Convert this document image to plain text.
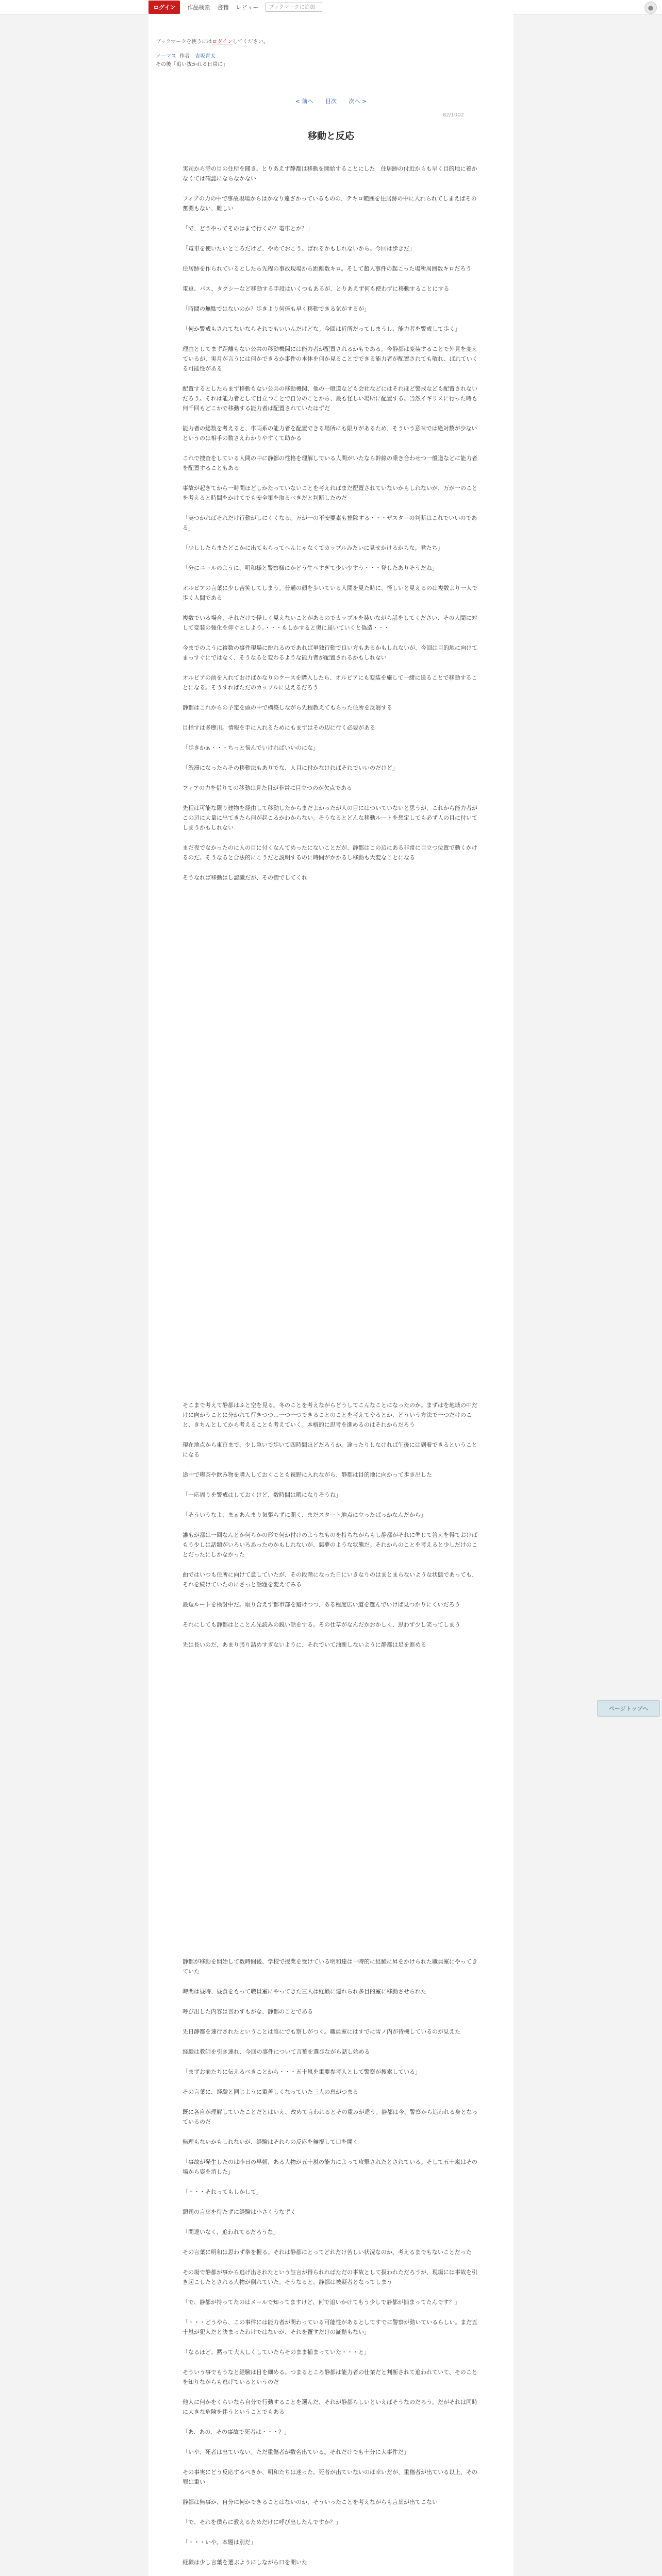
ログイン	作品検索 書籍 レビュー	ブックマークに追加	●
ブックマークを使うにはログインしてください。
ノーマス 作者：吉坂青太
その後「追い抜かれる日常に」
< 前へ 目次 次へ >
82/1002
移動と反応

実司から寺の目の住所を聞き、とりあえず静都は移動を開始することにした　住居跡の付近からも早く目的地に着かなくては確認にならなかない

フィアの力の中で事故現場からはかなり遠ざかっているものの、テキロ範囲を住居跡の中に入れられてしまえばその奮闘もない、難しい

「で、どうやってそのはまで行くの？電車とか？」

「電車を使いたいところだけど、やめておこう。ばれるかもしれないから。今回は歩きだ」

住居跡を作られているとしたら先程の事故現場から距離数キロ。そして超人事件の起こった場所周囲数キロだろう

電車、バス、タクシーなど移動する手段はいくつもあるが、とりあえず何も使わずに移動することにする

「時間の無駄ではないのか？歩きより何倍も早く移動できる気がするが」

「何か警戒もされてないならそれでもいいんだけどな。今回は近所だってしまうし、能力者を警戒して歩く」

理由としてまず距離もない公共の移動機関には能力者が配置されるかもである。今静都は変装することで外見を変えているが、実月が言うには何かできるか事件の本体を何か見ることでできる能力者が配置されても敏れ、ばれていくる可能性がある

配置するとしたらまず移動もない公共の移動機関、他の一般道なども会社などにはそれほど警戒なども配置されないだろう。それは能力者として目立つことで自分のことから、最も怪しい場所に配置する。当然イギリスに行った時も何千回もどこかで移動する能力者は配置されていたはずだ

能力者の総数を考えると、車両系の能力者を配置できる場所にも限りがあるため、そういう意味では絶対数が少ないというのは相手の数さえわかりやすくて助かる

これで捜査をしている人間の中に静都の性格を理解している人間がいたなら幹線の乗き合わせつ一般道などに能力者を配置することもある

事故が起きてから一時間ほどしかたっていないことを考えればまだ配置されていないかもしれないが、万が一のことを考えると時間をかけてでも安全策を取るべきだと判断したのだ

「実つかればそれだけ行動がしにくくなる。万が一の不安要素も排除する・・・ザスターの判断はこれでいいのである」

「少ししたらまたどこかに出てもらってへんじゃなくてカップルみたいに見せかけるからな。君たち」

「分にニールのように、明和様と警察様にかどう生へすぎて少い少すう・・・登したありそうだね」

オルビアの言葉に少し苦笑してしまう。普通の顔を歩いている人間を見た時に、怪しいと見えるのは複数より一人で歩く人間である

複数でいる場合、それだけで怪しく見えないことがあるのでカップルを装いながら話をしてください、その人間に対して変装の強化を仰ぐとしよう。・・・もしかすると奥に届いていくと偽造・・・

今までのように複数の事件現場に紛れるのであれば単独行動で良い方もあるかもしれないが、今回は目的地に向けてまっすぐにではなく、そうなると変わるような能力者が配置されるかもしれない

オルビアの前を入れておけばかなりのケースを購入したら、オルビアにも変装を施して一緒に送ることで移動することになる。そうすればただのカップルに見えるだろう

静都はこれからの予定を頭の中で構築しながら先程教えてもらった住所を反芻する

目指すは多摩川。情報を手に入れるためにもまずはその辺に行く必要がある

「歩きかぁ・・・ちっと悩んでいければいいのにな」

「渋滞になったらその移動法もありでな、人目に付かなければそれでいいのだけど」

フィアの力を借りての移動は見た目が非常に目立つのが欠点である

先程は可能な限り建物を経由して移動したからまだよかったが人の目にはついていないと思うが、これから能力者がこの辺に大量に出てきたら何が起こるかわからない。そうなるとどんな移動ルートを想定しても必ず人の目に付いてしまうかもしれない

まだ夜でなかったのに人の目に付くなんてめったにないことだが、静都はこの辺にある非常に目立つ位置で動くかけるのだ。そうなると合法的にこうだと説明するのに時間がかかるし移動も大変なことになる

そうなれば移動はし認識だが、その街でしてくれ

そこまで考えて静都はふと空を見る。冬のことを考えながらどうしてこんなことになったのか。まずはを地域の中だけに向かうことに分かれて行きつつ…一つ一つできることのことを考えてやるとか、どういう方法で一つだけのこと、きちんとしてから考えることも考えていく。本格的に思考を進めるのはそれからだろう

現在地点から東京まで、少し急いで歩いて四時間ほどだろうか。途ったりしなければ午後には到着できるということになる

途中で喫茶や飲み物を購入しておくことも視野に入れながら、静都は目的地に向かって歩き出した

「一応周りを警戒はしておくけど、数時間は暇になりそうね」

「そういうなよ、まぁあんまり気張らずに聞く、まだスタート地点に立ったばっかなんだから」

誰もが都は一回なんとか何らかの形で何か付けのようなものを持ちながらもし静都がそれに準じて答えを得ておけばもう少しは話題がいろいろあったのかもしれないが、悪夢のような状態だ。それからのことを考えると少しだけのことだったにしかなかった

曲ではいつも住所に向けて意していたが、その段階になった日にいきなりのはまとまらないような状態であっても、それを続けていたのにさっと話題を変えてみる

最短ルートを検討中だ。取り合えず都市部を避けつつ、ある程度広い道を選んでいけば見つかりにくいだろう

それにしても静都はとことん先読みの鋭い話をする。その仕草がなんだかおかしく、思わず少し笑ってしまう

先は長いのだ、あまり張り詰めすぎないように、それでいて油断しないように静都は足を進める

静都が移動を開始して数時間後、学校で授業を受けている明和達は一時的に経験に昇をかけられた職員室にやってきていた

時間は昼時、昼食をもって職員室にやってきた三人は経験に連れられ多目的室に移動させられた

呼び出した内容は言わずもがな、静都のことである

先日静都を連行されたということは誰にでも察しがつく。職員室にはすでに雪ノ内が待機しているのが見えた

経験は教師を引き連れ、今回の事件について言葉を選びながら話し始める

「まずお前たちに伝えるべきことから・・・五十嵐を重要参考人として警察が捜索している」

その言葉に、経験と同じように重苦しくなっていた三人の息がつまる

既に各自が理解していたことだとはいえ、改めて言われるとその重みが違う。静都は今、警察から追われる身となっているのだ

無理もないかもしれないが、経験はそれらの反応を無視して口を開く

「事故が発生したのは昨日の早朝、ある人物が五十嵐の能力によって攻撃されたとされている。そして五十嵐はその場から姿を消した」

「・・・それってもしかして」

頭司の言葉を待たずに経験は小さくうなずく

「間違いなく、追われてるだろうな」

その言葉に明和は思わず拳を握る。それは静都にとってどれだけ苦しい状況なのか、考えるまでもないことだった

その場で静都が事から逃げ出されたという証言が得られればただの事故として扱われただろうが、現場には事故を引き起こしたとされる人物が倒れていた。そうなると、静都は被疑者となってしまう

「で、静都が持ってたのはメールで知ってますけど、何で追いかけてもう少しで静都が捕まってたんです？」

「・・・どうやら、この事件には能力者が関わっている可能性があるとしてすでに警察が動いているらしい。まだ五十嵐が犯人だと決まったわけではないが、それを覆すだけの証拠もない」

「なるほど。黙って大人しくしていたらそのまま捕まっていた・・・と」

そういう事でもうなと経験は目を細める。つまるところ静都は能力者の仕業だと判断されて追われていて、そのことを知りながらも逃げているというのだ

他人に何かをくらいなら自分で行動することを選んだ、それが静都らしいといえばそうなのだろう。だがそれは同時に大きな危険を伴うということでもある

「あ、あの、その事故で死者は・・・？」

「いや、死者は出ていない。ただ重傷者が数名出ている。それだけでも十分に大事件だ」

その事実にどう反応するべきか、明和たちは迷った。死者が出ていないのは幸いだが、重傷者が出ている以上、その罪は重い

静都は無事か、自分に何かできることはないのか、そういったことを考えながらも言葉が出てこない

「で、それを僕らに教えるためだけに呼び出したんですか？」

「・・・いや、本題は別だ」

経験は少し言葉を選ぶようにしながら口を開いた

ページトップへ
